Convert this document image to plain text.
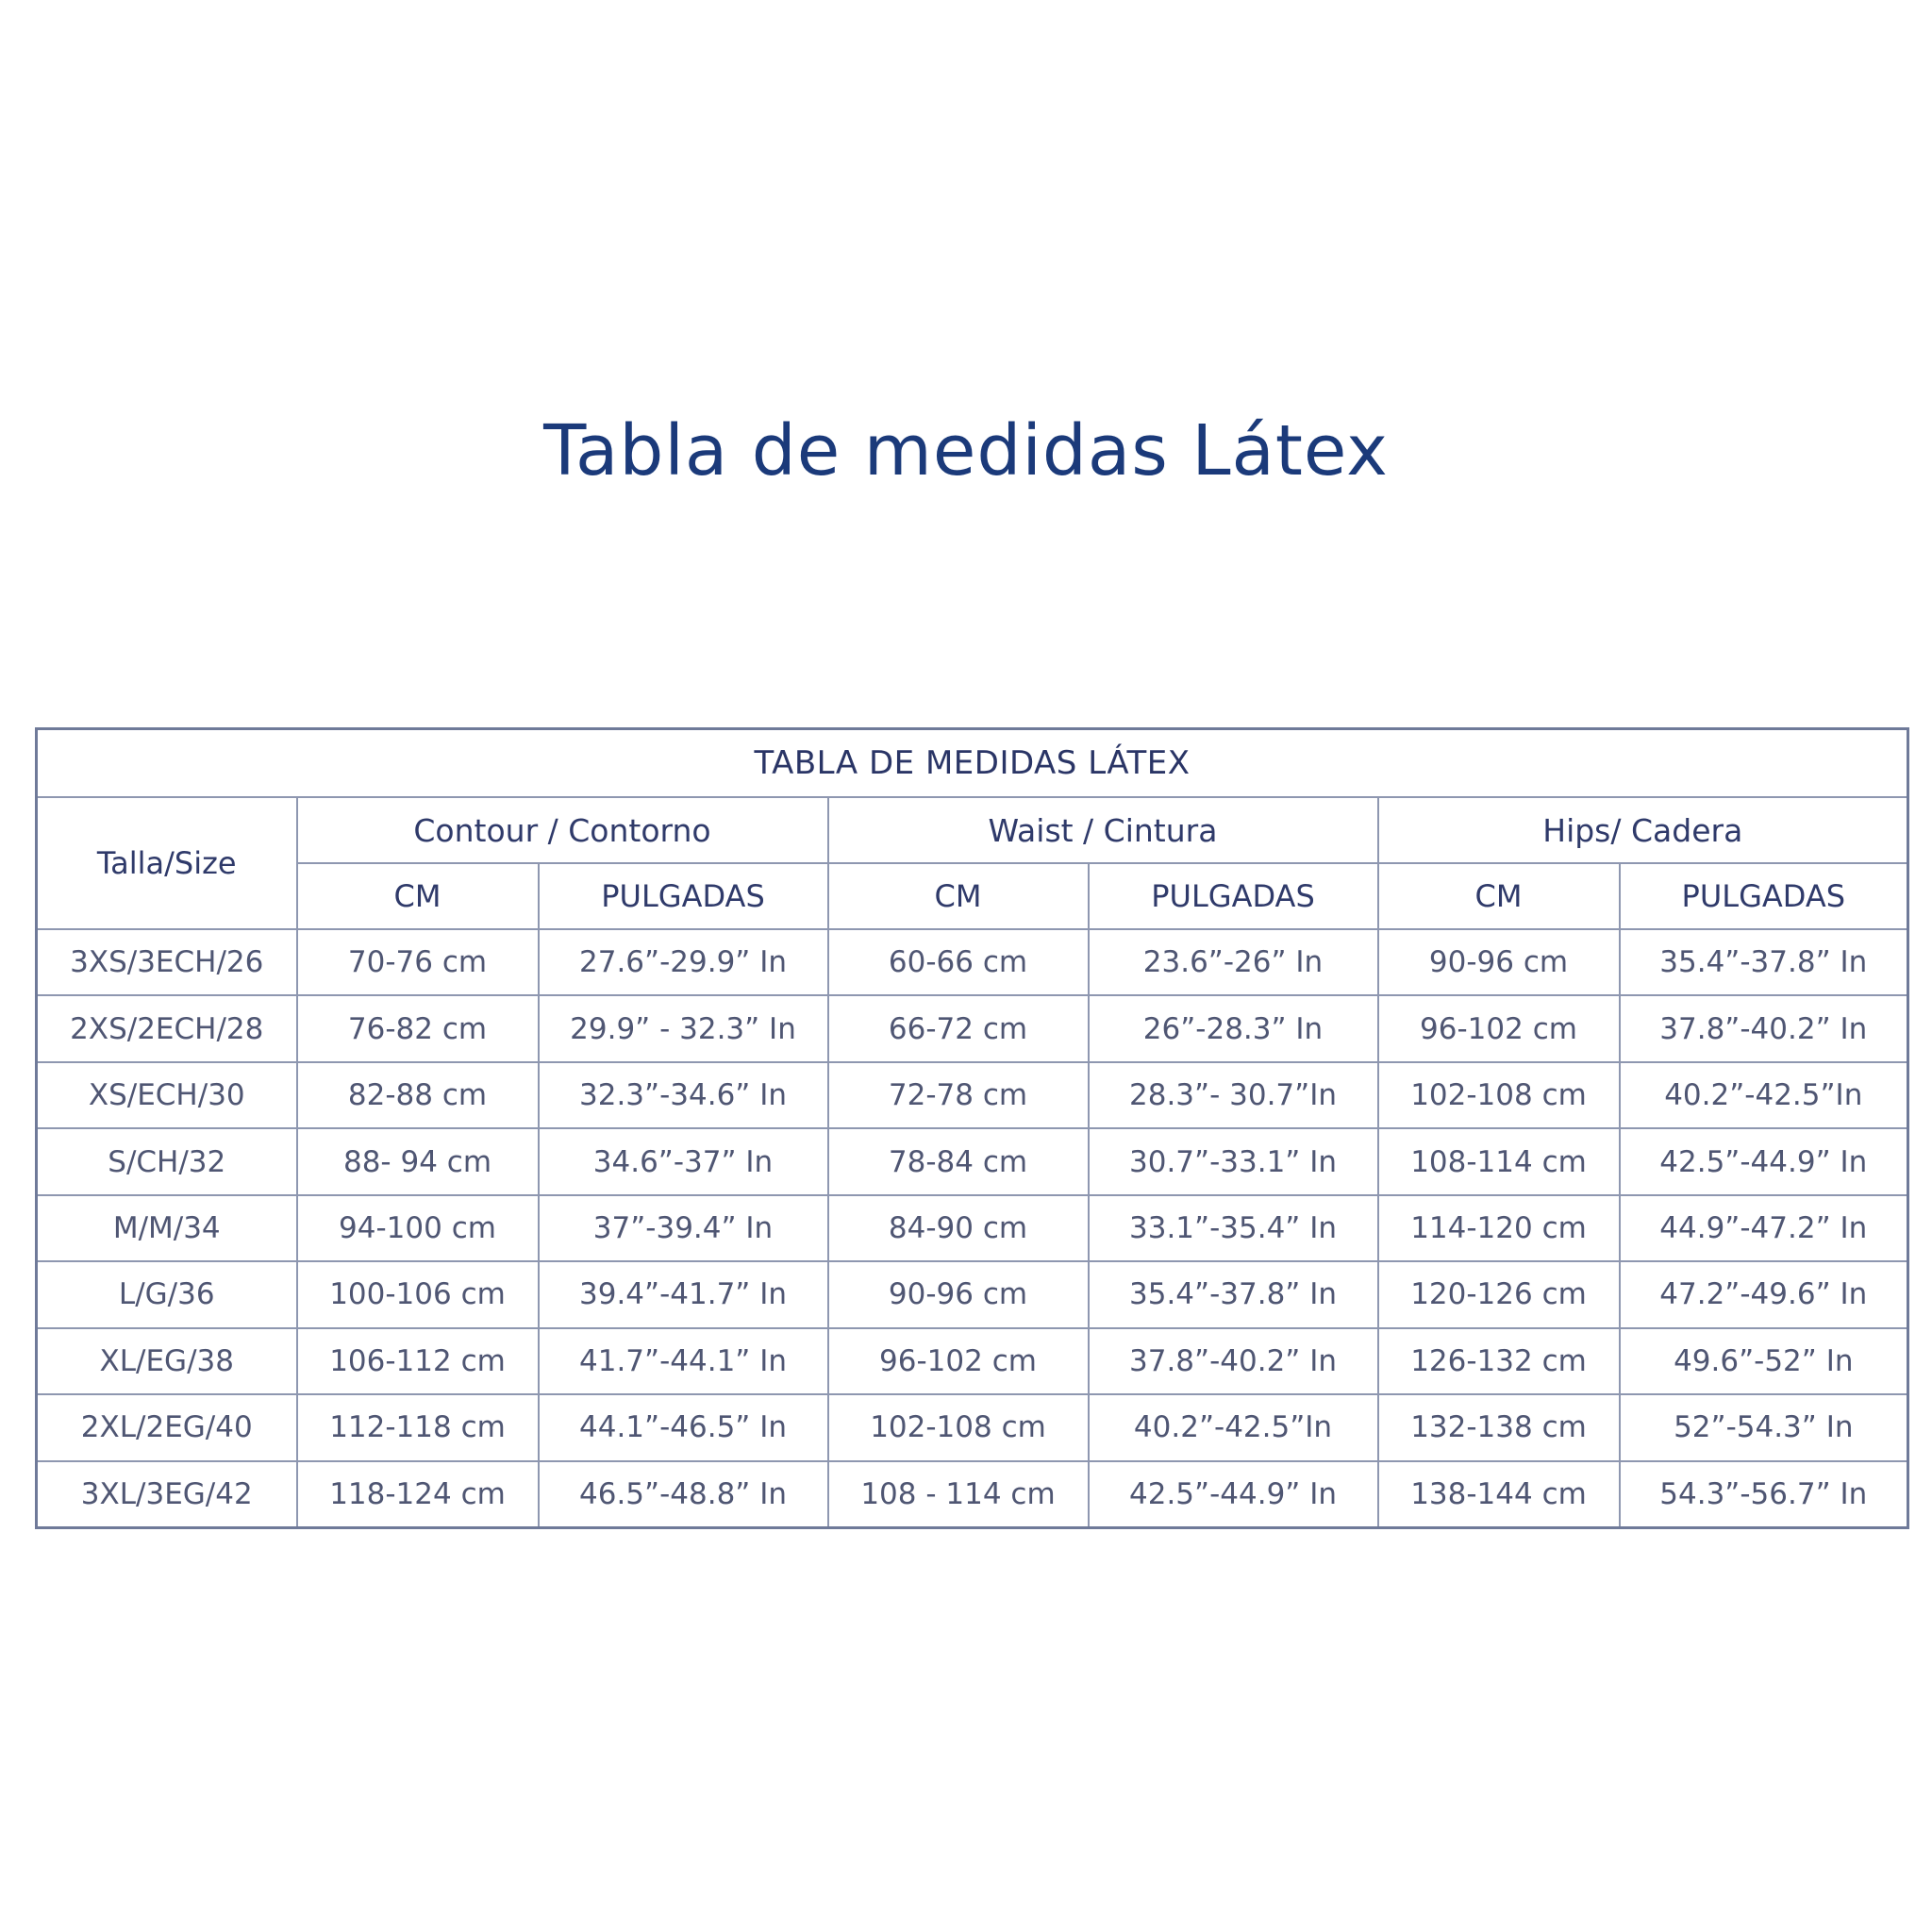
Tabla de medidas Látex
TABLA DE MEDIDAS LÁTEX						
Talla/Size	Contour / Contorno		Waist / Cintura		Hips/ Cadera	
	CM	PULGADAS	CM	PULGADAS	CM	PULGADAS
3XS/3ECH/26	70-76 cm	27.6”-29.9” In	60-66 cm	23.6”-26” In	90-96 cm	35.4”-37.8” In
2XS/2ECH/28	76-82 cm	29.9” - 32.3” In	66-72 cm	26”-28.3” In	96-102 cm	37.8”-40.2” In
XS/ECH/30	82-88 cm	32.3”-34.6” In	72-78 cm	28.3”- 30.7”In	102-108 cm	40.2”-42.5”In
S/CH/32	88- 94 cm	34.6”-37” In	78-84 cm	30.7”-33.1” In	108-114 cm	42.5”-44.9” In
M/M/34	94-100 cm	37”-39.4” In	84-90 cm	33.1”-35.4” In	114-120 cm	44.9”-47.2” In
L/G/36	100-106 cm	39.4”-41.7” In	90-96 cm	35.4”-37.8” In	120-126 cm	47.2”-49.6” In
XL/EG/38	106-112 cm	41.7”-44.1” In	96-102 cm	37.8”-40.2” In	126-132 cm	49.6”-52” In
2XL/2EG/40	112-118 cm	44.1”-46.5” In	102-108 cm	40.2”-42.5”In	132-138 cm	52”-54.3” In
3XL/3EG/42	118-124 cm	46.5”-48.8” In	108 - 114 cm	42.5”-44.9” In	138-144 cm	54.3”-56.7” In
